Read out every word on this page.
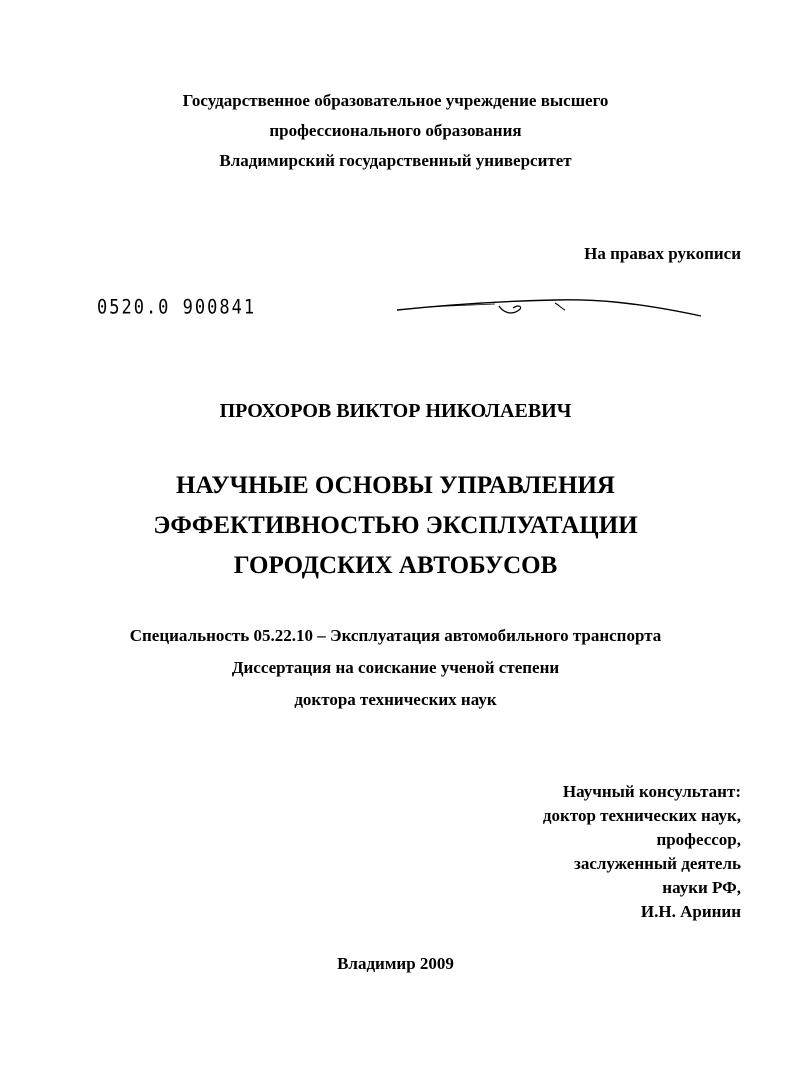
Государственное образовательное учреждение высшего
профессионального образования
Владимирский государственный университет
На правах рукописи
0520.0 900841
ПРОХОРОВ ВИКТОР НИКОЛАЕВИЧ
НАУЧНЫЕ ОСНОВЫ УПРАВЛЕНИЯ
ЭФФЕКТИВНОСТЬЮ ЭКСПЛУАТАЦИИ
ГОРОДСКИХ АВТОБУСОВ
Специальность 05.22.10 – Эксплуатация автомобильного транспорта
Диссертация на соискание ученой степени
доктора технических наук
Научный консультант:
доктор технических наук,
профессор,
заслуженный деятель
науки РФ,
И.Н. Аринин
Владимир 2009
